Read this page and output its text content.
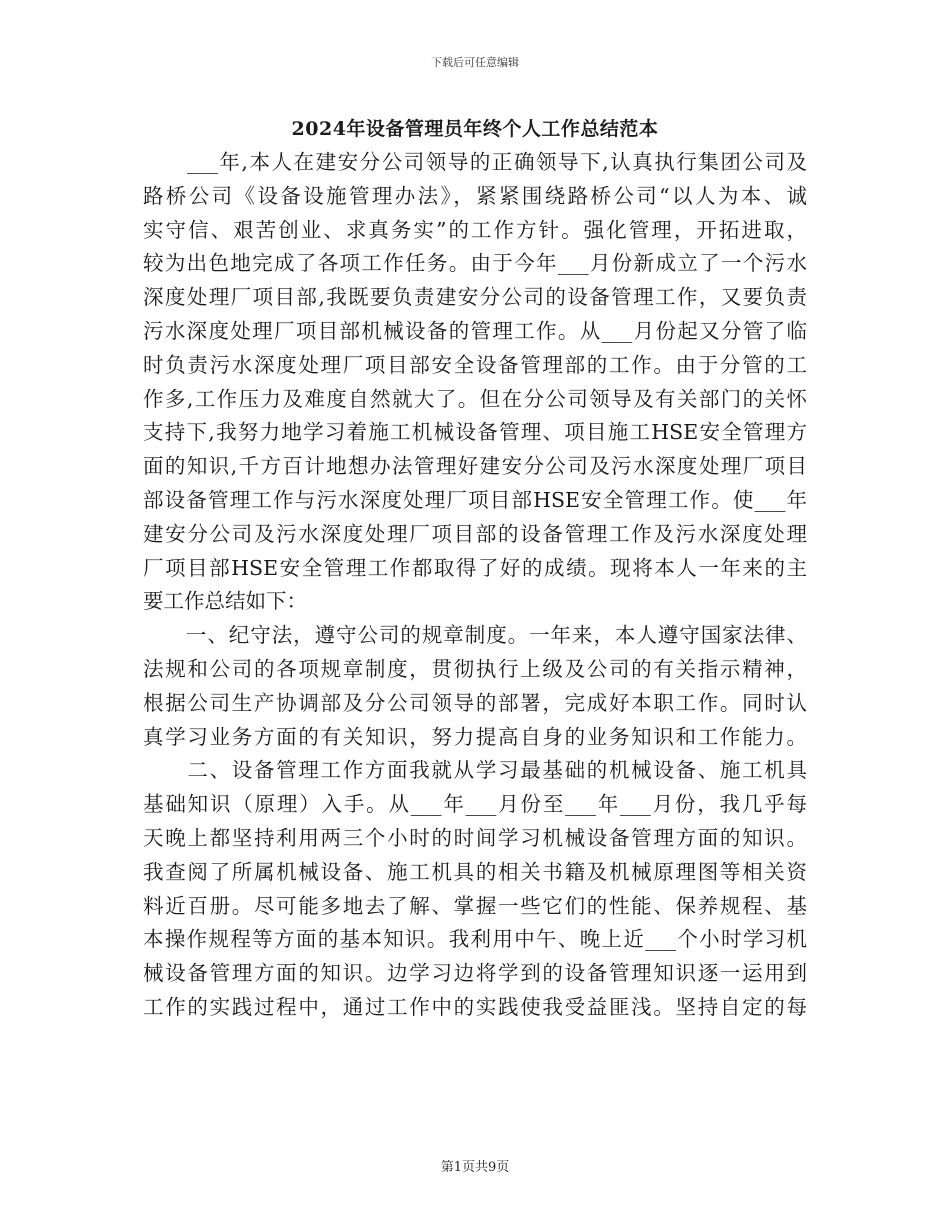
下载后可任意编辑
2024年设备管理员年终个人工作总结范本
　　___年,本人在建安分公司领导的正确领导下,认真执行集团公司及
路桥公司《设备设施管理办法》，紧紧围绕路桥公司“以人为本、诚
实守信、艰苦创业、求真务实”的工作方针。强化管理，开拓进取，
较为出色地完成了各项工作任务。由于今年___月份新成立了一个污水
深度处理厂项目部,我既要负责建安分公司的设备管理工作，又要负责
污水深度处理厂项目部机械设备的管理工作。从___月份起又分管了临
时负责污水深度处理厂项目部安全设备管理部的工作。由于分管的工
作多,工作压力及难度自然就大了。但在分公司领导及有关部门的关怀
支持下,我努力地学习着施工机械设备管理、项目施工HSE安全管理方
面的知识,千方百计地想办法管理好建安分公司及污水深度处理厂项目
部设备管理工作与污水深度处理厂项目部HSE安全管理工作。使___年
建安分公司及污水深度处理厂项目部的设备管理工作及污水深度处理
厂项目部HSE安全管理工作都取得了好的成绩。现将本人一年来的主
要工作总结如下：
　　一、纪守法，遵守公司的规章制度。一年来，本人遵守国家法律、
法规和公司的各项规章制度，贯彻执行上级及公司的有关指示精神，
根据公司生产协调部及分公司领导的部署，完成好本职工作。同时认
真学习业务方面的有关知识，努力提高自身的业务知识和工作能力。
　　二、设备管理工作方面我就从学习最基础的机械设备、施工机具
基础知识（原理）入手。从___年___月份至___年___月份，我几乎每
天晚上都坚持利用两三个小时的时间学习机械设备管理方面的知识。
我查阅了所属机械设备、施工机具的相关书籍及机械原理图等相关资
料近百册。尽可能多地去了解、掌握一些它们的性能、保养规程、基
本操作规程等方面的基本知识。我利用中午、晚上近___个小时学习机
械设备管理方面的知识。边学习边将学到的设备管理知识逐一运用到
工作的实践过程中，通过工作中的实践使我受益匪浅。坚持自定的每
第1页共9页
